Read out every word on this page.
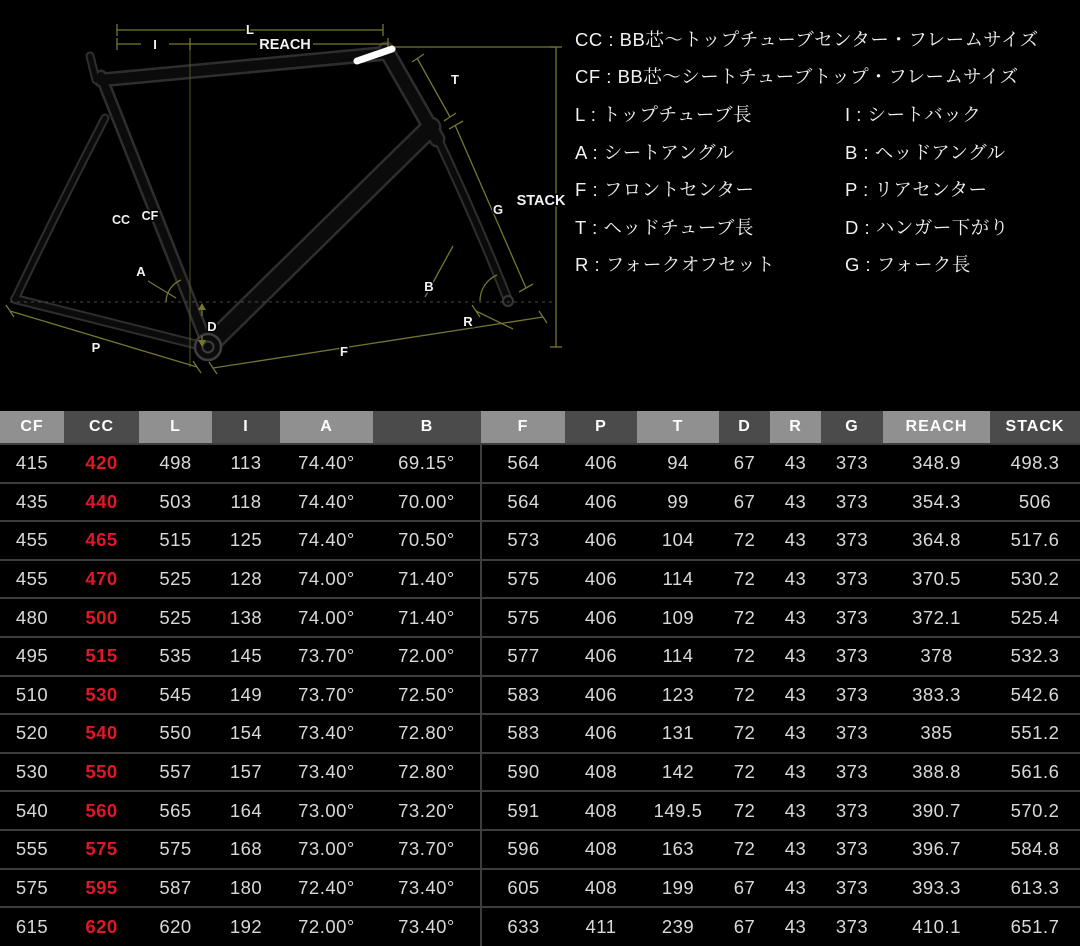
L
I	REACH
T
STACK
G
CC CF
A
B
D
P	F
R
CC : BB芯〜トップチューブセンター・フレームサイズ
CF : BB芯〜シートチューブトップ・フレームサイズ
L : トップチューブ長	I : シートバック
A : シートアングル	B : ヘッドアングル
F : フロントセンター	P : リアセンター
T : ヘッドチューブ長	D : ハンガー下がり
R : フォークオフセット	G : フォーク長
CF	CC	L	I	A	B	F	P	T	D	R	G	REACH	STACK
415	420	498	113	74.40°	69.15°	564	406	94	67	43	373	348.9	498.3
435	440	503	118	74.40°	70.00°	564	406	99	67	43	373	354.3	506
455	465	515	125	74.40°	70.50°	573	406	104	72	43	373	364.8	517.6
455	470	525	128	74.00°	71.40°	575	406	114	72	43	373	370.5	530.2
480	500	525	138	74.00°	71.40°	575	406	109	72	43	373	372.1	525.4
495	515	535	145	73.70°	72.00°	577	406	114	72	43	373	378	532.3
510	530	545	149	73.70°	72.50°	583	406	123	72	43	373	383.3	542.6
520	540	550	154	73.40°	72.80°	583	406	131	72	43	373	385	551.2
530	550	557	157	73.40°	72.80°	590	408	142	72	43	373	388.8	561.6
540	560	565	164	73.00°	73.20°	591	408	149.5	72	43	373	390.7	570.2
555	575	575	168	73.00°	73.70°	596	408	163	72	43	373	396.7	584.8
575	595	587	180	72.40°	73.40°	605	408	199	67	43	373	393.3	613.3
615	620	620	192	72.00°	73.40°	633	411	239	67	43	373	410.1	651.7
